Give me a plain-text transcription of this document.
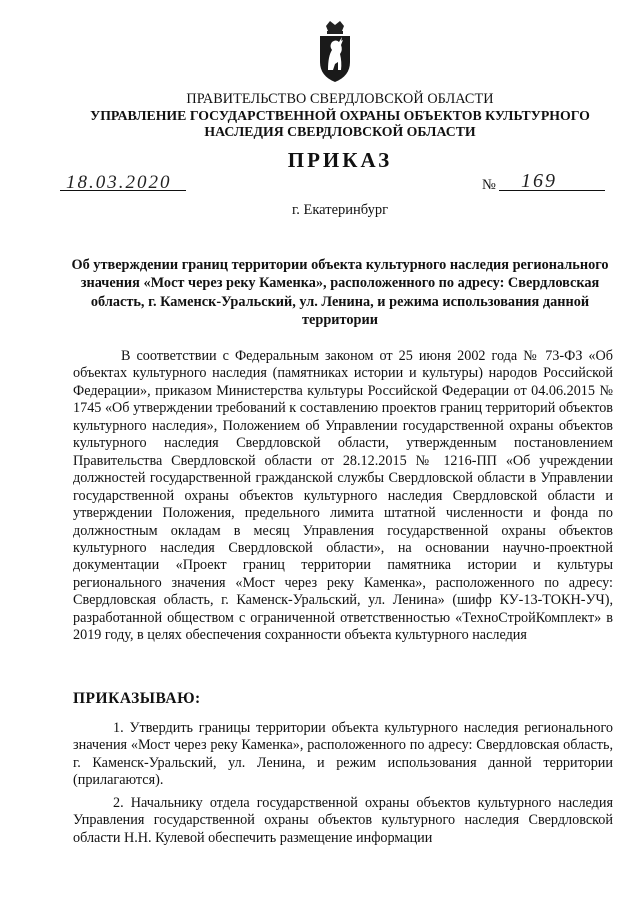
ПРАВИТЕЛЬСТВО СВЕРДЛОВСКОЙ ОБЛАСТИ
УПРАВЛЕНИЕ ГОСУДАРСТВЕННОЙ ОХРАНЫ ОБЪЕКТОВ КУЛЬТУРНОГО НАСЛЕДИЯ СВЕРДЛОВСКОЙ ОБЛАСТИ
ПРИКАЗ
18.03.2020	№ 169
г. Екатеринбург
Об утверждении границ территории объекта культурного наследия регионального значения «Мост через реку Каменка», расположенного по адресу: Свердловская область, г. Каменск-Уральский, ул. Ленина, и режима использования данной территории

В соответствии с Федеральным законом от 25 июня 2002 года № 73-ФЗ «Об объектах культурного наследия (памятниках истории и культуры) народов Российской Федерации», приказом Министерства культуры Российской Федерации от 04.06.2015 № 1745 «Об утверждении требований к составлению проектов границ территорий объектов культурного наследия», Положением об Управлении государственной охраны объектов культурного наследия Свердловской области, утвержденным постановлением Правительства Свердловской области от 28.12.2015 № 1216-ПП «Об учреждении должностей государственной гражданской службы Свердловской области в Управлении государственной охраны объектов культурного наследия Свердловской области и утверждении Положения, предельного лимита штатной численности и фонда по должностным окладам в месяц Управления государственной охраны объектов культурного наследия Свердловской области», на основании научно-проектной документации «Проект границ территории памятника истории и культуры регионального значения «Мост через реку Каменка», расположенного по адресу: Свердловская область, г. Каменск-Уральский, ул. Ленина» (шифр КУ-13-ТОКН-УЧ), разработанной обществом с ограниченной ответственностью «ТехноСтройКомплект» в 2019 году, в целях обеспечения сохранности объекта культурного наследия

ПРИКАЗЫВАЮ:

1. Утвердить границы территории объекта культурного наследия регионального значения «Мост через реку Каменка», расположенного по адресу: Свердловская область, г. Каменск-Уральский, ул. Ленина, и режим использования данной территории (прилагаются).

2. Начальнику отдела государственной охраны объектов культурного наследия Управления государственной охраны объектов культурного наследия Свердловской области Н.Н. Кулевой обеспечить размещение информации
